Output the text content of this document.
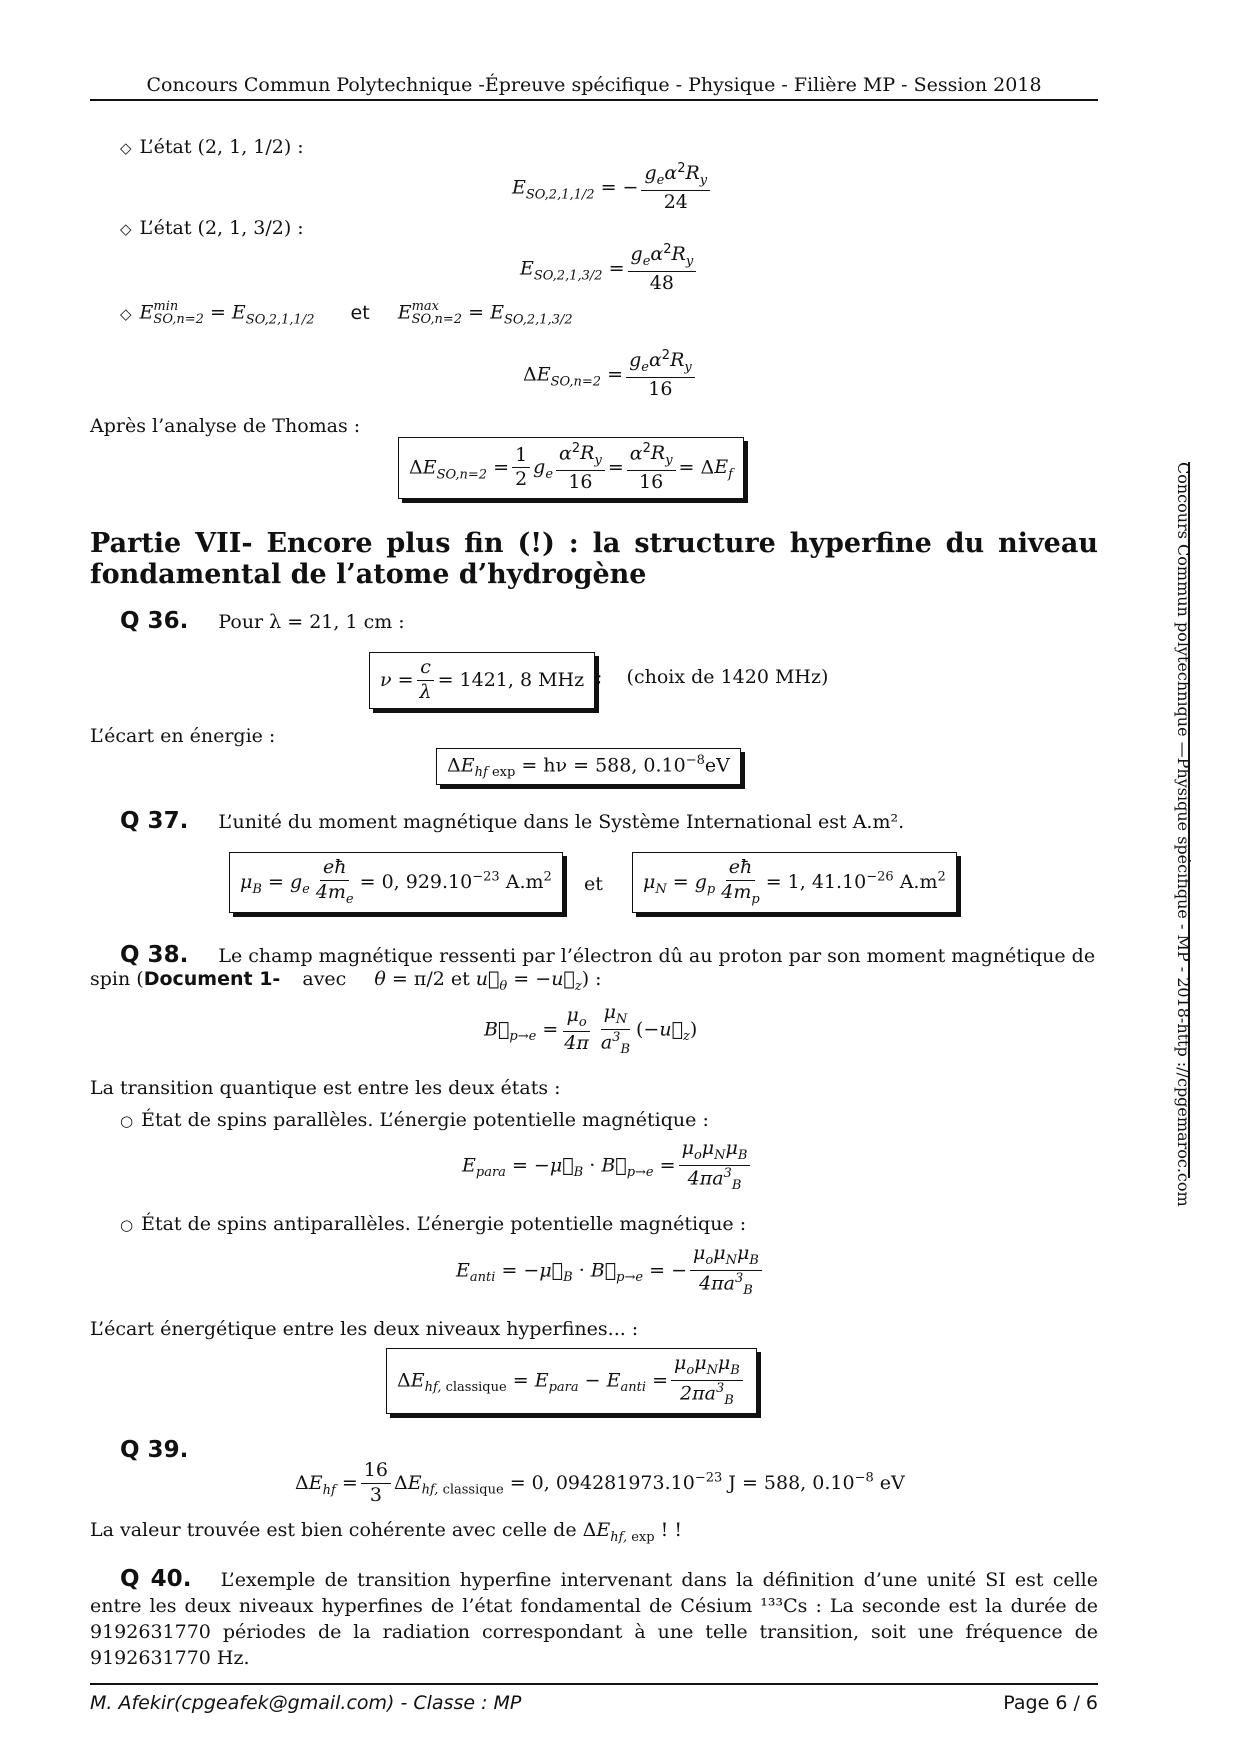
Concours Commun Polytechnique -Épreuve spécifique - Physique - Filière MP - Session 2018
Concours Commun polytechnique —Physique spécifique - MP - 2018-http ://cpgemaroc.com
◇ L’état (2, 1, 1/2) :
$E_{SO,2,1,1/2}$ = − $\frac{g_e\alpha^2R_y}{24}$
◇ L’état (2, 1, 3/2) :
$E_{SO,2,1,3/2} = \frac{g_e\alpha^2R_y}{48}$
◇ E min
$SO,n=2 = E_{SO,2,1,1/2}$ et E max
$SO,n=2 = E_{SO,2,1,3/2}$
$\Delta E_{SO,n=2} = \frac{g_e\alpha^2R_y}{16}$
Après l’analyse de Thomas :
$\Delta E_{SO,n=2} = \frac{1}{2} g_e \frac{\alpha^2R_y}{16} = \frac{\alpha^2R_y}{16} = \Delta E_f$
Partie VII- Encore plus fin (!) : la structure hyperfine du niveau fondamental de l’atome d’hydrogène
Q 36. Pour λ = 21, 1 cm :
$\nu = \frac{c}{\lambda} = 1421$, 8 MHz ;    (choix de 1420 MHz)
L’écart en énergie :
$\Delta E_{hf exp} = h\nu = 588$, $0.10^{-8}eV$
Q 37. L’unité du moment magnétique dans le Système International est A.m².
$\mu_B = g_e \frac{eħ}{4m_e} = 0$, $929.10^{-23}$ $A.m^2$	et	$\mu_N = g_p \frac{eħ}{4m_p} = 1$, $41.10^{-26}$ $A.m^2$
Q 38. Le champ magnétique ressenti par l’électron dû au proton par son moment magnétique de
spin (Document 1- avec θ = π/2 et $u⃗_\theta$ = $-u⃗_z$) :
$B⃗_{p\to e} = \frac{\mu_o}{4\pi} \frac{\mu_N}{a^3_B}$ $(-u⃗_z)$
La transition quantique est entre les deux états :
○ État de spins parallèles. L’énergie potentielle magnétique :
$E_{para}$ = $-\mu⃗_B$ · $B⃗_{p\to e} = \frac{\mu_o\mu_N\mu_B}{4\pi a^3_B}$
○ État de spins antiparallèles. L’énergie potentielle magnétique :
$E_{anti}$ = $-\mu⃗_B$ · $B⃗_{p\to e}$ = − $\frac{\mu_o\mu_N\mu_B}{4\pi a^3_B}$
L’écart énergétique entre les deux niveaux hyperfines... :
$\Delta E_{hf, classique} = E_{para} - E_{anti} = \frac{\mu_o\mu_N\mu_B}{2\pi a^3_B}$
Q 39.
$\Delta E_{hf} = \frac{16}{3} \Delta E_{hf, classique} = 0$, $094281973.10^{-23}$ J = 588, $0.10^{-8}$ eV
La valeur trouvée est bien cohérente avec celle de $\Delta E_{hf, exp}$ ! !
Q 40. L’exemple de transition hyperfine intervenant dans la définition d’une unité SI est celle entre les deux niveaux hyperfines de l’état fondamental de Césium ¹³³Cs : La seconde est la durée de 9192631770 périodes de la radiation correspondant à une telle transition, soit une fréquence de 9192631770 Hz.
M. Afekir(cpgeafek@gmail.com) - Classe : MP	Page 6 / 6
